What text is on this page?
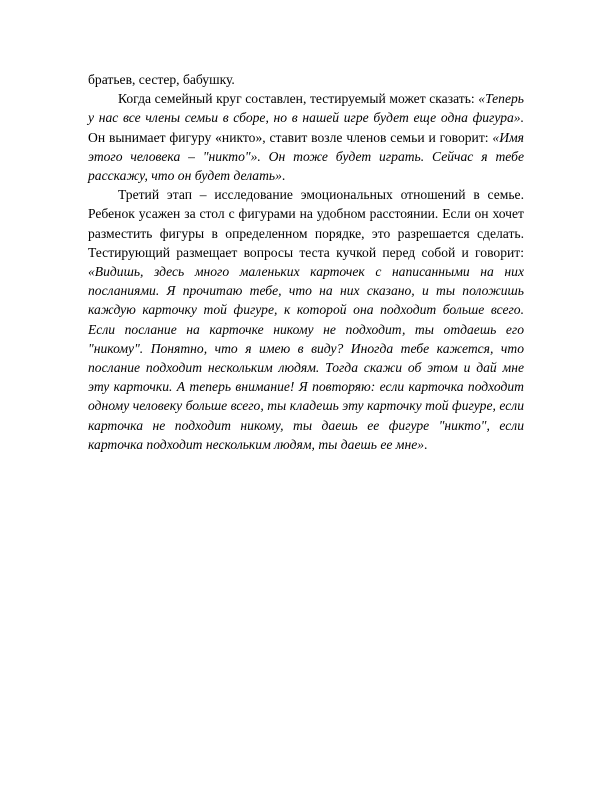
братьев, сестер, бабушку.

Когда семейный круг составлен, тестируемый может сказать: «Теперь у нас все члены семьи в сборе, но в нашей игре будет еще одна фигура». Он вынимает фигуру «никто», ставит возле членов семьи и говорит: «Имя этого человека – "никто"». Он тоже будет играть. Сейчас я тебе расскажу, что он будет делать».

Третий этап – исследование эмоциональных отношений в семье. Ребенок усажен за стол с фигурами на удобном расстоянии. Если он хочет разместить фигуры в определенном порядке, это разрешается сделать. Тестирующий размещает вопросы теста кучкой перед собой и говорит: «Видишь, здесь много маленьких карточек с написанными на них посланиями. Я прочитаю тебе, что на них сказано, и ты положишь каждую карточку той фигуре, к которой она подходит больше всего. Если послание на карточке никому не подходит, ты отдаешь его "никому". Понятно, что я имею в виду? Иногда тебе кажется, что послание подходит нескольким людям. Тогда скажи об этом и дай мне эту карточки. А теперь внимание! Я повторяю: если карточка подходит одному человеку больше всего, ты кладешь эту карточку той фигуре, если карточка не подходит никому, ты даешь ее фигуре "никто", если карточка подходит нескольким людям, ты даешь ее мне».
